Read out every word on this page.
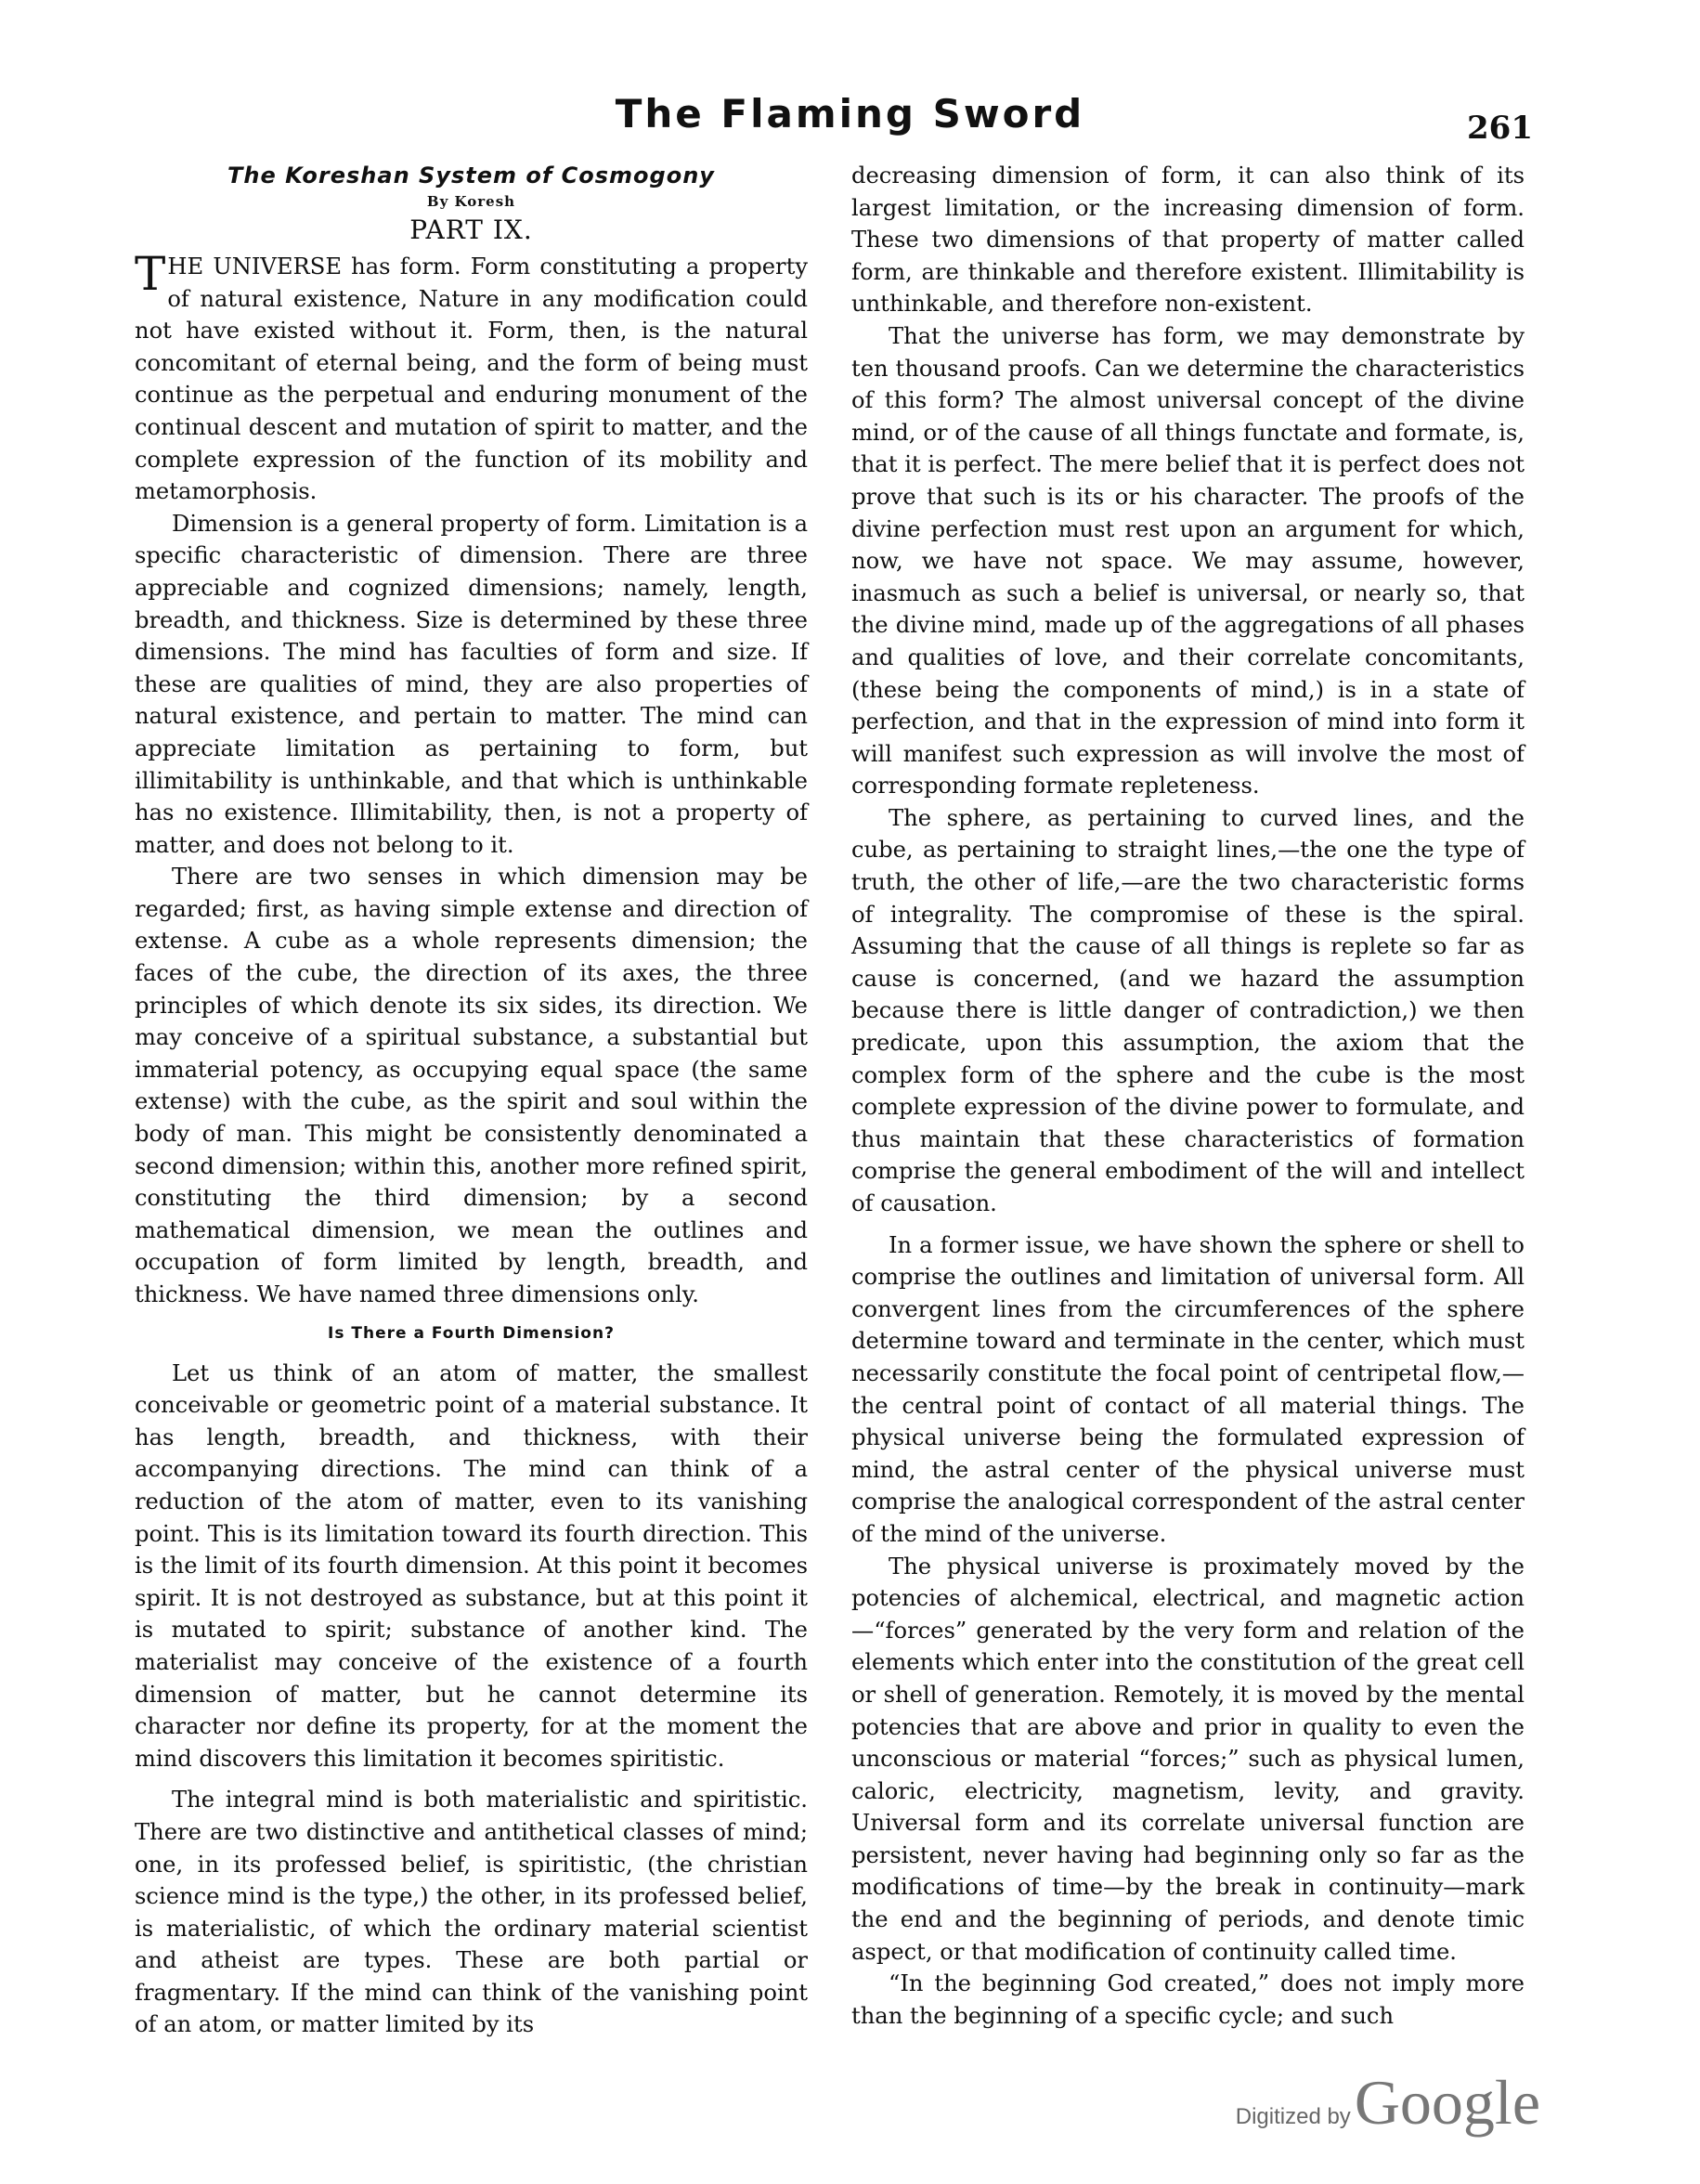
The Flaming Sword	261
The Koreshan System of Cosmogony
By Koresh
PART IX.

THE UNIVERSE has form. Form constituting a property of natural existence, Nature in any modification could not have existed without it. Form, then, is the natural concomitant of eternal being, and the form of being must continue as the perpetual and enduring monument of the continual descent and mutation of spirit to matter, and the complete expression of the function of its mobility and metamorphosis.

Dimension is a general property of form. Limitation is a specific characteristic of dimension. There are three appreciable and cognized dimensions; namely, length, breadth, and thickness. Size is determined by these three dimensions. The mind has faculties of form and size. If these are qualities of mind, they are also properties of natural existence, and pertain to matter. The mind can appreciate limitation as pertaining to form, but illimitability is unthinkable, and that which is unthinkable has no existence. Illimitability, then, is not a property of matter, and does not belong to it.

There are two senses in which dimension may be regarded; first, as having simple extense and direction of extense. A cube as a whole represents dimension; the faces of the cube, the direction of its axes, the three principles of which denote its six sides, its direction. We may conceive of a spiritual substance, a substantial but immaterial potency, as occupying equal space (the same extense) with the cube, as the spirit and soul within the body of man. This might be consistently denominated a second dimension; within this, another more refined spirit, constituting the third dimension; by a second mathematical dimension, we mean the outlines and occupation of form limited by length, breadth, and thickness. We have named three dimensions only.

Is There a Fourth Dimension?

Let us think of an atom of matter, the smallest conceivable or geometric point of a material substance. It has length, breadth, and thickness, with their accompanying directions. The mind can think of a reduction of the atom of matter, even to its vanishing point. This is its limitation toward its fourth direction. This is the limit of its fourth dimension. At this point it becomes spirit. It is not destroyed as substance, but at this point it is mutated to spirit; substance of another kind. The materialist may conceive of the existence of a fourth dimension of matter, but he cannot determine its character nor define its property, for at the moment the mind discovers this limitation it becomes spiritistic.

The integral mind is both materialistic and spiritistic. There are two distinctive and antithetical classes of mind; one, in its professed belief, is spiritistic, (the christian science mind is the type,) the other, in its professed belief, is materialistic, of which the ordinary material scientist and atheist are types. These are both partial or fragmentary. If the mind can think of the vanishing point of an atom, or matter limited by its

decreasing dimension of form, it can also think of its largest limitation, or the increasing dimension of form. These two dimensions of that property of matter called form, are thinkable and therefore existent. Illimitability is unthinkable, and therefore non-existent.

That the universe has form, we may demonstrate by ten thousand proofs. Can we determine the characteristics of this form? The almost universal concept of the divine mind, or of the cause of all things functate and formate, is, that it is perfect. The mere belief that it is perfect does not prove that such is its or his character. The proofs of the divine perfection must rest upon an argument for which, now, we have not space. We may assume, however, inasmuch as such a belief is universal, or nearly so, that the divine mind, made up of the aggregations of all phases and qualities of love, and their correlate concomitants, (these being the components of mind,) is in a state of perfection, and that in the expression of mind into form it will manifest such expression as will involve the most of corresponding formate repleteness.

The sphere, as pertaining to curved lines, and the cube, as pertaining to straight lines,—the one the type of truth, the other of life,—are the two characteristic forms of integrality. The compromise of these is the spiral. Assuming that the cause of all things is replete so far as cause is concerned, (and we hazard the assumption because there is little danger of contradiction,) we then predicate, upon this assumption, the axiom that the complex form of the sphere and the cube is the most complete expression of the divine power to formulate, and thus maintain that these characteristics of formation comprise the general embodiment of the will and intellect of causation.

In a former issue, we have shown the sphere or shell to comprise the outlines and limitation of universal form. All convergent lines from the circumferences of the sphere determine toward and terminate in the center, which must necessarily constitute the focal point of centripetal flow,—the central point of contact of all material things. The physical universe being the formulated expression of mind, the astral center of the physical universe must comprise the analogical correspondent of the astral center of the mind of the universe.

The physical universe is proximately moved by the potencies of alchemical, electrical, and magnetic action—“forces” generated by the very form and relation of the elements which enter into the constitution of the great cell or shell of generation. Remotely, it is moved by the mental potencies that are above and prior in quality to even the unconscious or material “forces;” such as physical lumen, caloric, electricity, magnetism, levity, and gravity. Universal form and its correlate universal function are persistent, never having had beginning only so far as the modifications of time—by the break in continuity—mark the end and the beginning of periods, and denote timic aspect, or that modification of continuity called time.

“In the beginning God created,” does not imply more than the beginning of a specific cycle; and such

Digitized by Google
